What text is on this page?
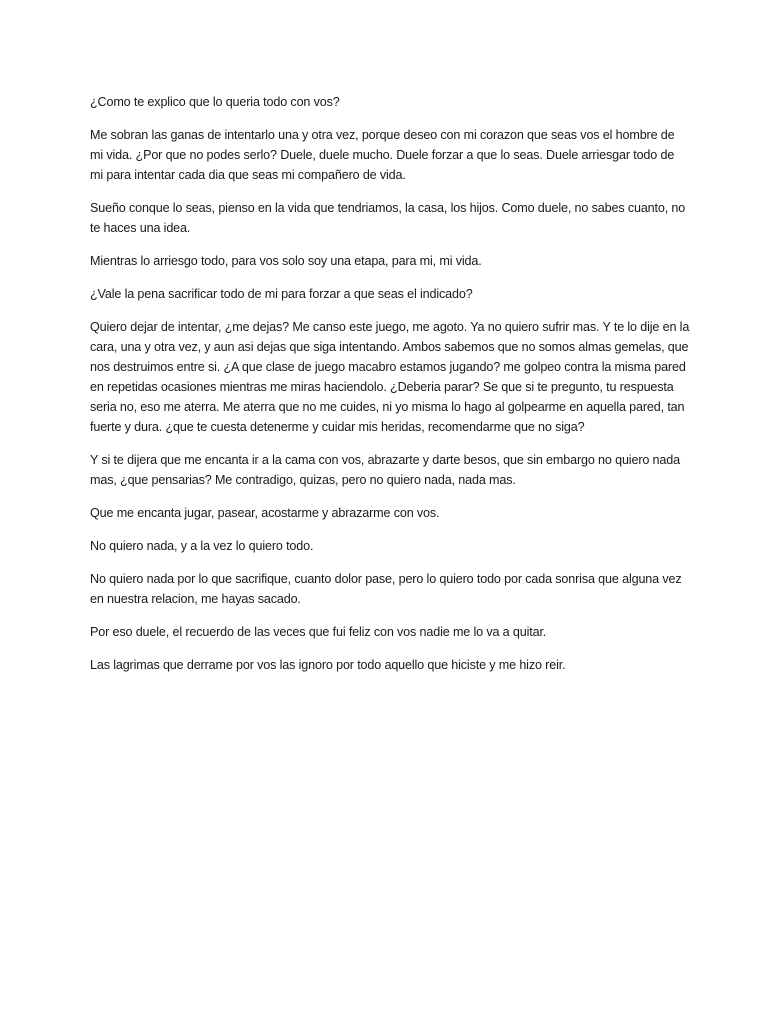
¿Como te explico que lo queria todo con vos?

Me sobran las ganas de intentarlo una y otra vez, porque deseo con mi corazon que seas vos el hombre de mi vida. ¿Por que no podes serlo? Duele, duele mucho. Duele forzar a que lo seas. Duele arriesgar todo de mi para intentar cada dia que seas mi compañero de vida.

Sueño conque lo seas, pienso en la vida que tendriamos, la casa, los hijos. Como duele, no sabes cuanto, no te haces una idea.

Mientras lo arriesgo todo, para vos solo soy una etapa, para mi, mi vida.

¿Vale la pena sacrificar todo de mi para forzar a que seas el indicado?

Quiero dejar de intentar, ¿me dejas? Me canso este juego, me agoto. Ya no quiero sufrir mas. Y te lo dije en la cara, una y otra vez, y aun asi dejas que siga intentando. Ambos sabemos que no somos almas gemelas, que nos destruimos entre si. ¿A que clase de juego macabro estamos jugando? me golpeo contra la misma pared en repetidas ocasiones mientras me miras haciendolo. ¿Deberia parar? Se que si te pregunto, tu respuesta seria no, eso me aterra. Me aterra que no me cuides, ni yo misma lo hago al golpearme en aquella pared, tan fuerte y dura. ¿que te cuesta detenerme y cuidar mis heridas, recomendarme que no siga?

Y si te dijera que me encanta ir a la cama con vos, abrazarte y darte besos, que sin embargo no quiero nada mas, ¿que pensarias? Me contradigo, quizas, pero no quiero nada, nada mas.

Que me encanta jugar, pasear, acostarme y abrazarme con vos.

No quiero nada, y a la vez lo quiero todo.

No quiero nada por lo que sacrifique, cuanto dolor pase, pero lo quiero todo por cada sonrisa que alguna vez en nuestra relacion, me hayas sacado.

Por eso duele, el recuerdo de las veces que fui feliz con vos nadie me lo va a quitar.

Las lagrimas que derrame por vos las ignoro por todo aquello que hiciste y me hizo reir.
